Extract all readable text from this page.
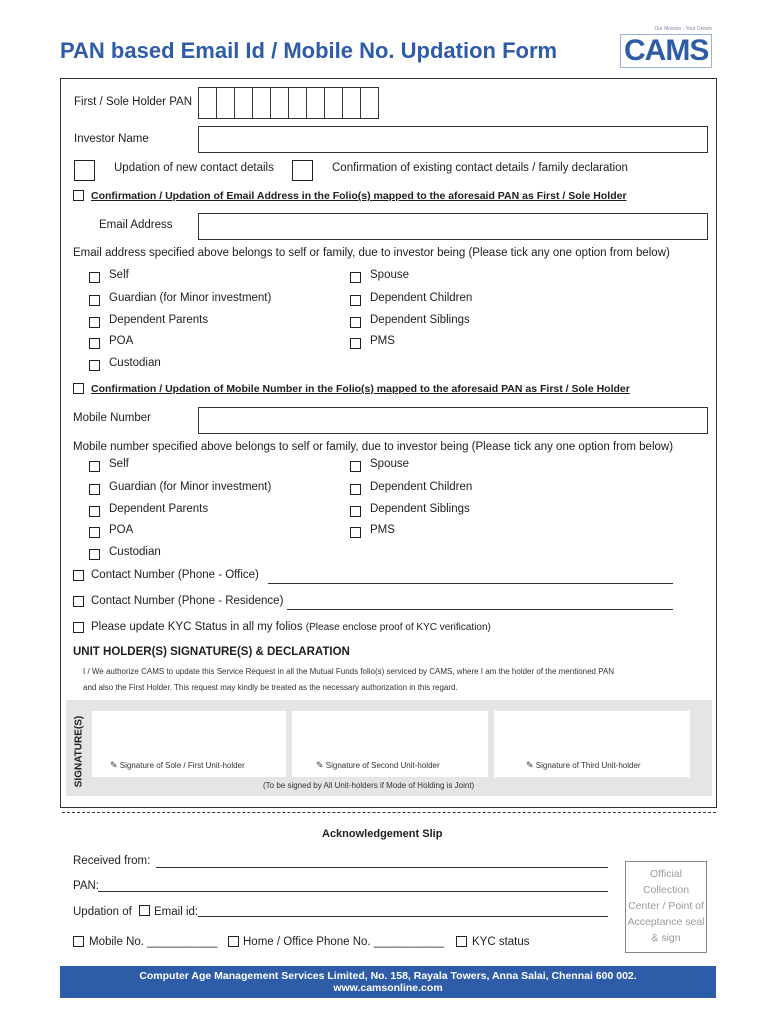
PAN based Email Id / Mobile No. Updation Form
Our Mission - Your Dream
CAMS
First / Sole Holder PAN
Investor Name
Updation of new contact details	Confirmation of existing contact details / family declaration
Confirmation / Updation of Email Address in the Folio(s) mapped to the aforesaid PAN as First / Sole Holder
Email Address
Email address specified above belongs to self or family, due to investor being (Please tick any one option from below)
Self
Guardian (for Minor investment)
Dependent Parents
POA
Custodian
Spouse
Dependent Children
Dependent Siblings
PMS
Confirmation / Updation of Mobile Number in the Folio(s) mapped to the aforesaid PAN as First / Sole Holder
Mobile Number
Mobile number specified above belongs to self or family, due to investor being (Please tick any one option from below)
Self
Guardian (for Minor investment)
Dependent Parents
POA
Custodian
Spouse
Dependent Children
Dependent Siblings
PMS
Contact Number (Phone - Office)
Contact Number (Phone - Residence)
Please update KYC Status in all my folios (Please enclose proof of KYC verification)
UNIT HOLDER(S) SIGNATURE(S) & DECLARATION
I / We authorize CAMS to update this Service Request in all the Mutual Funds folio(s) serviced by CAMS, where I am the holder of the mentioned PAN
and also the First Holder. This request may kindly be treated as the necessary authorization in this regard.
SIGNATURE(S)	✎ Signature of Sole / First Unit-holder	✎ Signature of Second Unit-holder	✎ Signature of Third Unit-holder
(To be signed by All Unit-holders if Mode of Holding is Joint)
Acknowledgement Slip
Received from:
PAN:
Updation of Email id:
Mobile No. ___________ Home / Office Phone No. ___________ KYC status
Official Collection Center / Point of Acceptance seal & sign
Computer Age Management Services Limited, No. 158, Rayala Towers, Anna Salai, Chennai 600 002.
www.camsonline.com
